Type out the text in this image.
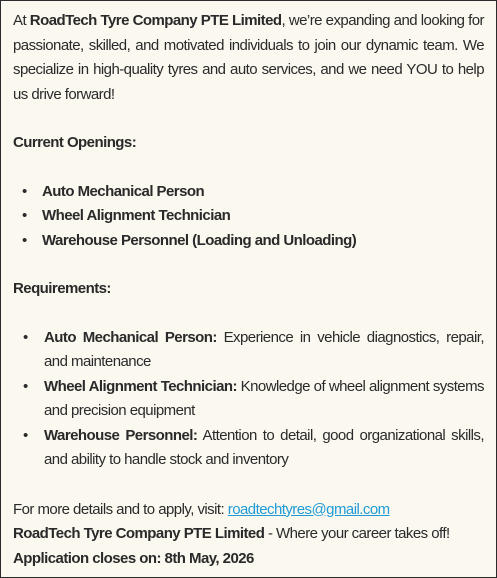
At RoadTech Tyre Company PTE Limited, we’re expanding and looking for passionate, skilled, and motivated individuals to join our dynamic team. We specialize in high-quality tyres and auto services, and we need YOU to help us drive forward!

Current Openings:

• Auto Mechanical Person
• Wheel Alignment Technician
• Warehouse Personnel (Loading and Unloading)

Requirements:

• Auto Mechanical Person: Experience in vehicle diagnostics, repair, and maintenance
• Wheel Alignment Technician: Knowledge of wheel alignment systems and precision equipment
• Warehouse Personnel: Attention to detail, good organizational skills, and ability to handle stock and inventory

For more details and to apply, visit: roadtechtyres@gmail.com

RoadTech Tyre Company PTE Limited - Where your career takes off!

Application closes on: 8th May, 2026
